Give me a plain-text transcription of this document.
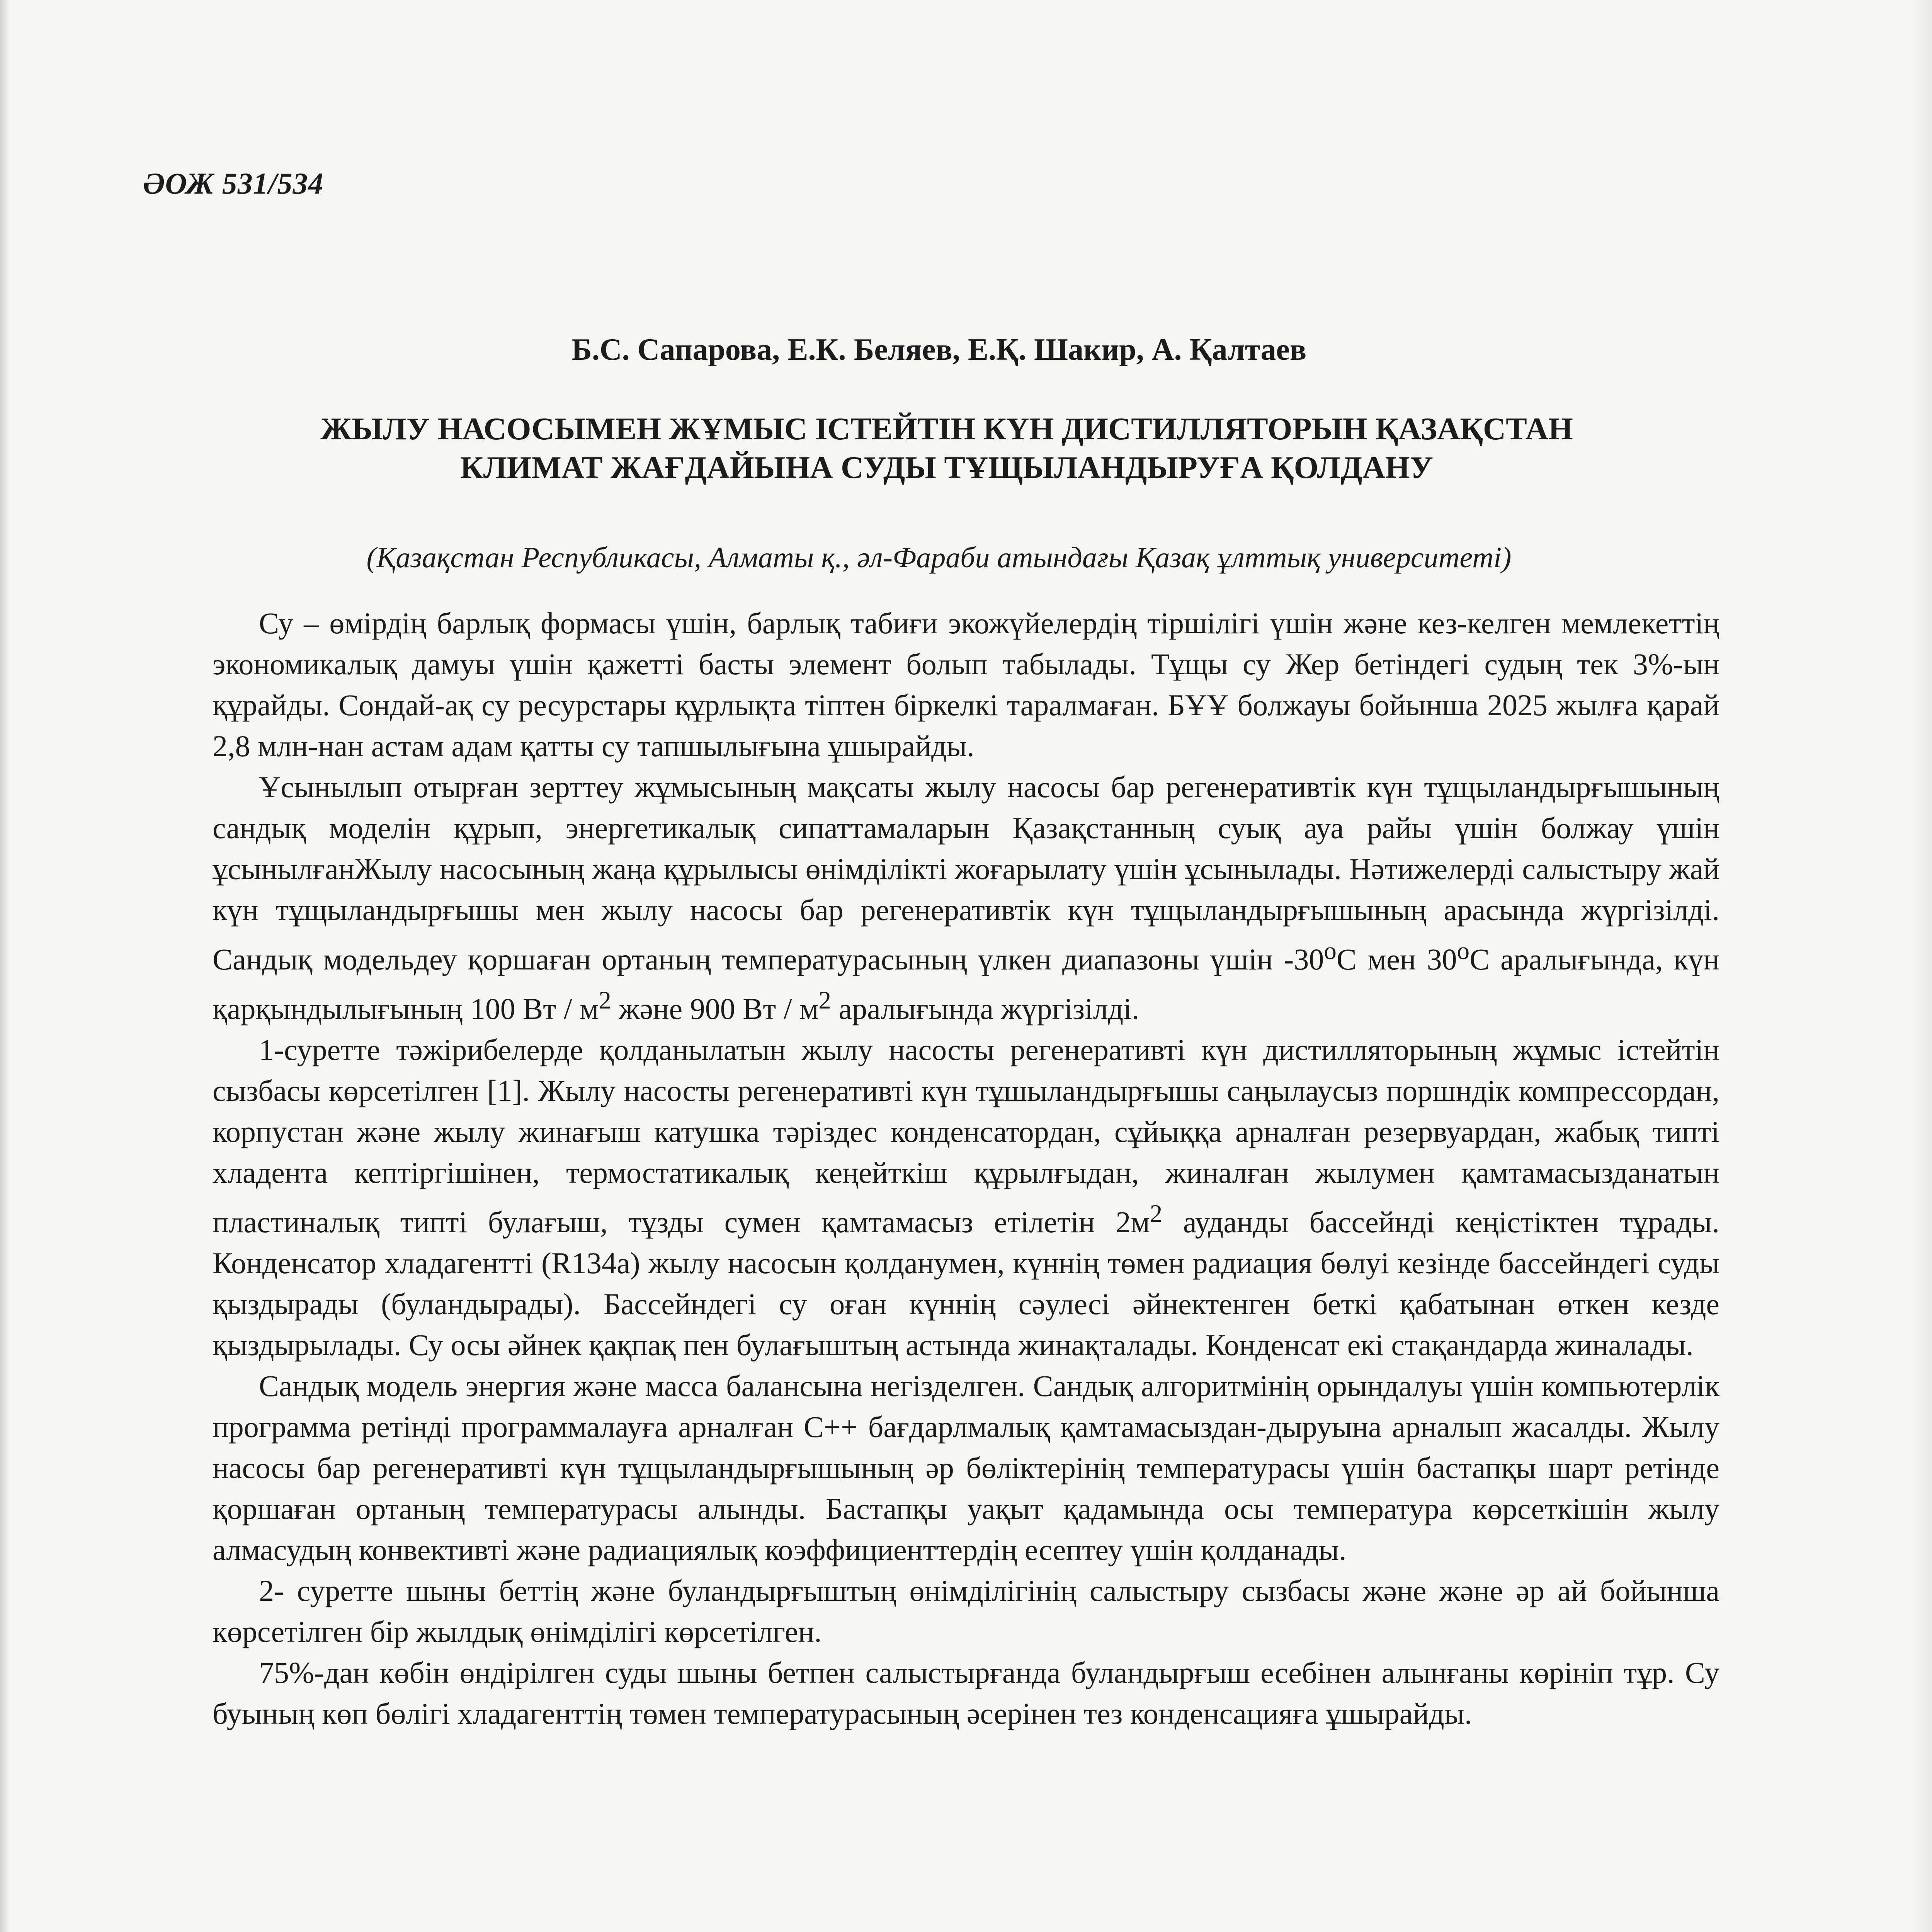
ӘОЖ 531/534
Б.С. Сапарова, Е.К. Беляев, Е.Қ. Шакир, А. Қалтаев
ЖЫЛУ НАСОСЫМЕН ЖҰМЫС ІСТЕЙТІН КҮН ДИСТИЛЛЯТОРЫН ҚАЗАҚСТАН
КЛИМАТ ЖАҒДАЙЫНА СУДЫ ТҰЩЫЛАНДЫРУҒА ҚОЛДАНУ
(Қазақстан Республикасы, Алматы қ., әл-Фараби атындағы Қазақ ұлттық университеті)

Су – өмірдің барлық формасы үшін, барлық табиғи экожүйелердің тіршілігі үшін және кез-келген мемлекеттің экономикалық дамуы үшін қажетті басты элемент болып табылады. Тұщы су Жер бетіндегі судың тек 3%-ын құрайды. Сондай-ақ су ресурстары құрлықта тіптен біркелкі таралмаған. БҰҰ болжауы бойынша 2025 жылға қарай 2,8 млн-нан астам адам қатты су тапшылығына ұшырайды.

Ұсынылып отырған зерттеу жұмысының мақсаты жылу насосы бар регенеративтік күн тұщыландырғышының сандық моделін құрып, энергетикалық сипаттамаларын Қазақстанның суық ауа райы үшін болжау үшін ұсынылғанЖылу насосының жаңа құрылысы өнімділікті жоғарылату үшін ұсынылады. Нәтижелерді салыстыру жай күн тұщыландырғышы мен жылу насосы бар регенеративтік күн тұщыландырғышының арасында жүргізілді. Сандық модельдеу қоршаған ортаның температурасының үлкен диапазоны үшін -30$^o$С мен 30$^o$С аралығында, күн қарқындылығының 100 Вт / $м^2$ және 900 Вт / $м^2$ аралығында жүргізілді.

1-суретте тәжірибелерде қолданылатын жылу насосты регенеративті күн дистилляторының жұмыс істейтін сызбасы көрсетілген [1]. Жылу насосты регенеративті күн тұшыландырғышы саңылаусыз поршндік компрессордан, корпустан және жылу жинағыш катушка тәріздес конденсатордан, сұйыққа арналған резервуардан, жабық типті хладента кептіргішінен, термостатикалық кеңейткіш құрылғыдан, жиналған жылумен қамтамасызданатын пластиналық типті булағыш, тұзды сумен қамтамасыз етілетін $2м^2$ ауданды бассейнді кеңістіктен тұрады. Конденсатор хладагентті (R134a) жылу насосын қолданумен, күннің төмен радиация бөлуі кезінде бассейндегі суды қыздырады (буландырады). Бассейндегі су оған күннің сәулесі әйнектенген беткі қабатынан өткен кезде қыздырылады. Су осы әйнек қақпақ пен булағыштың астында жинақталады. Конденсат екі стақандарда жиналады.

Сандық модель энергия және масса балансына негізделген. Сандық алгоритмінің орындалуы үшін компьютерлік программа ретінді программалауға арналған С++ бағдарлмалық қамтамасыздан-дыруына арналып жасалды. Жылу насосы бар регенеративті күн тұщыландырғышының әр бөліктерінің температурасы үшін бастапқы шарт ретінде қоршаған ортаның температурасы алынды. Бастапқы уақыт қадамында осы температура көрсеткішін жылу алмасудың конвективті және радиациялық коэффициенттердің есептеу үшін қолданады.

2- суретте шыны беттің және буландырғыштың өнімділігінің салыстыру сызбасы және және әр ай бойынша көрсетілген бір жылдық өнімділігі көрсетілген.

75%-дан көбін өндірілген суды шыны бетпен салыстырғанда буландырғыш есебінен алынғаны көрініп тұр. Су буының көп бөлігі хладагенттің төмен температурасының әсерінен тез конденсацияға ұшырайды.
